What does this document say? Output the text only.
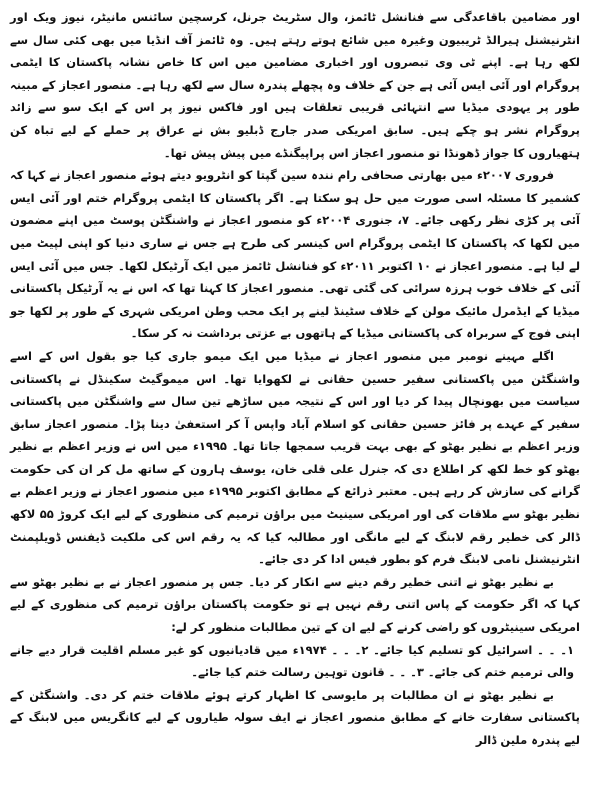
اور مضامین باقاعدگی سے فنانشل ٹائمز، وال سٹریٹ جرنل، کرسچین سائنس مانیٹر، نیوز ویک اور انٹرنیشنل ہیرالڈ ٹریبیون وغیرہ میں شائع ہوتے رہتے ہیں۔ وہ ٹائمز آف انڈیا میں بھی کئی سال سے لکھ رہا ہے۔ اپنے ٹی وی تبصروں اور اخباری مضامین میں اس کا خاص نشانہ پاکستان کا ایٹمی پروگرام اور آئی ایس آئی ہے جن کے خلاف وہ پچھلے پندرہ سال سے لکھ رہا ہے۔ منصور اعجاز کے مبینہ طور پر یہودی میڈیا سے انتہائی قریبی تعلقات ہیں اور فاکس نیوز پر اس کے ایک سو سے زائد پروگرام نشر ہو چکے ہیں۔ سابق امریکی صدر جارج ڈبلیو بش نے عراق پر حملے کے لیے تباہ کن ہتھیاروں کا جواز ڈھونڈا تو منصور اعجاز اس پراپیگنڈے میں پیش پیش تھا۔

فروری ۲۰۰۷ء میں بھارتی صحافی رام نندہ سین گپتا کو انٹرویو دیتے ہوئے منصور اعجاز نے کہا کہ کشمیر کا مسئلہ اسی صورت میں حل ہو سکتا ہے۔ اگر پاکستان کا ایٹمی پروگرام ختم اور آئی ایس آئی پر کڑی نظر رکھی جائے۔ ۷، جنوری ۲۰۰۴ء کو منصور اعجاز نے واشنگٹن پوسٹ میں اپنے مضمون میں لکھا کہ پاکستان کا ایٹمی پروگرام اس کینسر کی طرح ہے جس نے ساری دنیا کو اپنی لپیٹ میں لے لیا ہے۔ منصور اعجاز نے ۱۰ اکتوبر ۲۰۱۱ء کو فنانشل ٹائمز میں ایک آرٹیکل لکھا۔ جس میں آئی ایس آئی کے خلاف خوب ہرزہ سرائی کی گئی تھی۔ منصور اعجاز کا کہنا تھا کہ اس نے یہ آرٹیکل پاکستانی میڈیا کے ایڈمرل مائیک مولن کے خلاف سٹینڈ لینے پر ایک محب وطن امریکی شہری کے طور پر لکھا جو اپنی فوج کے سربراہ کی پاکستانی میڈیا کے ہاتھوں بے عزتی برداشت نہ کر سکا۔

اگلے مہینے نومبر میں منصور اعجاز نے میڈیا میں ایک میمو جاری کیا جو بقول اس کے اسے واشنگٹن میں پاکستانی سفیر حسین حقانی نے لکھوایا تھا۔ اس میموگیٹ سکینڈل نے پاکستانی سیاست میں بھونچال پیدا کر دیا اور اس کے نتیجہ میں ساڑھے تین سال سے واشنگٹن میں پاکستانی سفیر کے عہدے پر فائز حسین حقانی کو اسلام آباد واپس آ کر استعفیٰ دینا پڑا۔ منصور اعجاز سابق وزیر اعظم بے نظیر بھٹو کے بھی بہت قریب سمجھا جاتا تھا۔ ۱۹۹۵ء میں اس نے وزیر اعظم بے نظیر بھٹو کو خط لکھ کر اطلاع دی کہ جنرل علی قلی خان، یوسف ہارون کے ساتھ مل کر ان کی حکومت گرانے کی سازش کر رہے ہیں۔ معتبر ذرائع کے مطابق اکتوبر ۱۹۹۵ء میں منصور اعجاز نے وزیر اعظم بے نظیر بھٹو سے ملاقات کی اور امریکی سینیٹ میں براؤن ترمیم کی منظوری کے لیے ایک کروڑ ۵۵ لاکھ ڈالر کی خطیر رقم لابنگ کے لیے مانگی اور مطالبہ کیا کہ یہ رقم اس کی ملکیت ڈیفنس ڈویلپمنٹ انٹرنیشنل نامی لابنگ فرم کو بطور فیس ادا کر دی جائے۔

بے نظیر بھٹو نے اتنی خطیر رقم دینے سے انکار کر دیا۔ جس پر منصور اعجاز نے بے نظیر بھٹو سے کہا کہ اگر حکومت کے پاس اتنی رقم نہیں ہے تو حکومت پاکستان براؤن ترمیم کی منظوری کے لیے امریکی سینیٹروں کو راضی کرنے کے لیے ان کے تین مطالبات منظور کر لے:

۱۔ ۔ ۔ اسرائیل کو تسلیم کیا جائے۔ ۲۔ ۔ ۔ ۱۹۷۴ء میں قادیانیوں کو غیر مسلم اقلیت قرار دیے جانے والی ترمیم ختم کی جائے۔ ۳۔ ۔ ۔ قانون توہین رسالت ختم کیا جائے۔

بے نظیر بھٹو نے ان مطالبات پر مایوسی کا اظہار کرتے ہوئے ملاقات ختم کر دی۔ واشنگٹن کے پاکستانی سفارت خانے کے مطابق منصور اعجاز نے ایف سولہ طیاروں کے لیے کانگریس میں لابنگ کے لیے پندرہ ملین ڈالر
